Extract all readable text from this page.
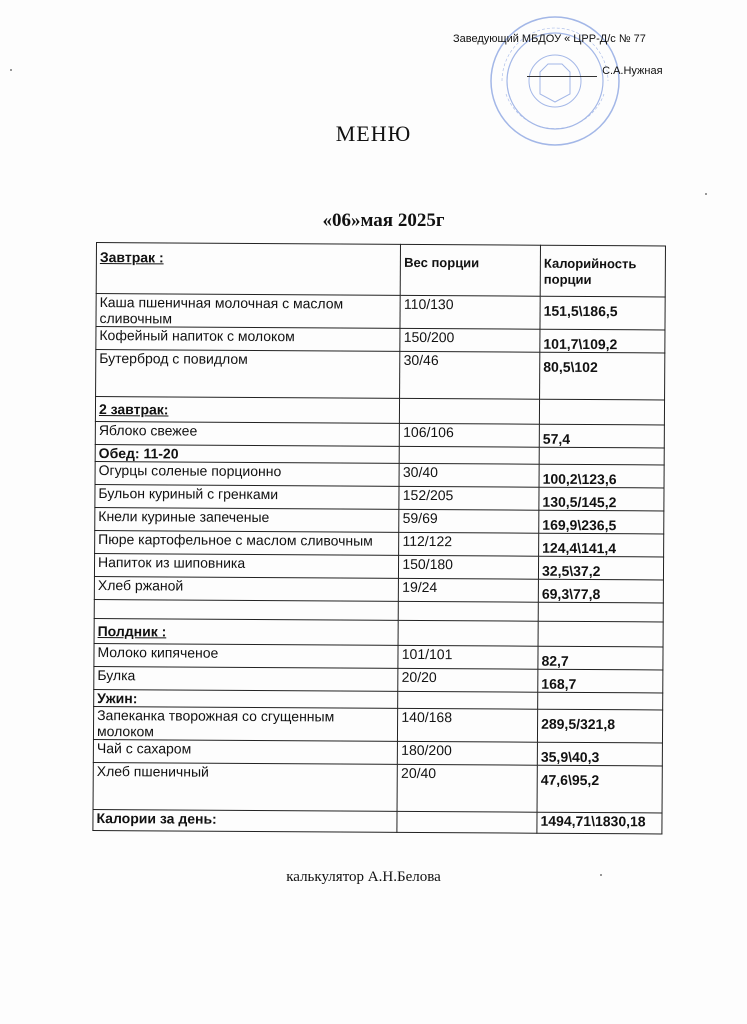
Заведующий МБДОУ « ЦРР-Д/с № 77
С.А.Нужная
МЕНЮ
«06»мая 2025г
Завтрак :	Вес порции	Калорийность порции
Каша пшеничная молочная с маслом сливочным	110/130	151,5\186,5
Кофейный напиток с молоком	150/200	101,7\109,2
Бутерброд с повидлом	30/46	80,5\102
2 завтрак:		
Яблоко свежее	106/106	57,4
Обед: 11-20		
Огурцы соленые порционно	30/40	100,2\123,6
Бульон куриный с гренками	152/205	130,5/145,2
Кнели куриные запеченые	59/69	169,9\236,5
Пюре картофельное с маслом сливочным	112/122	124,4\141,4
Напиток из шиповника	150/180	32,5\37,2
Хлеб ржаной	19/24	69,3\77,8

Полдник :		
Молоко кипяченое	101/101	82,7
Булка	20/20	168,7
Ужин:		
Запеканка творожная со сгущенным молоком	140/168	289,5/321,8
Чай с сахаром	180/200	35,9\40,3
Хлеб пшеничный	20/40	47,6\95,2
Калории за день:		1494,71\1830,18
калькулятор А.Н.Белова
